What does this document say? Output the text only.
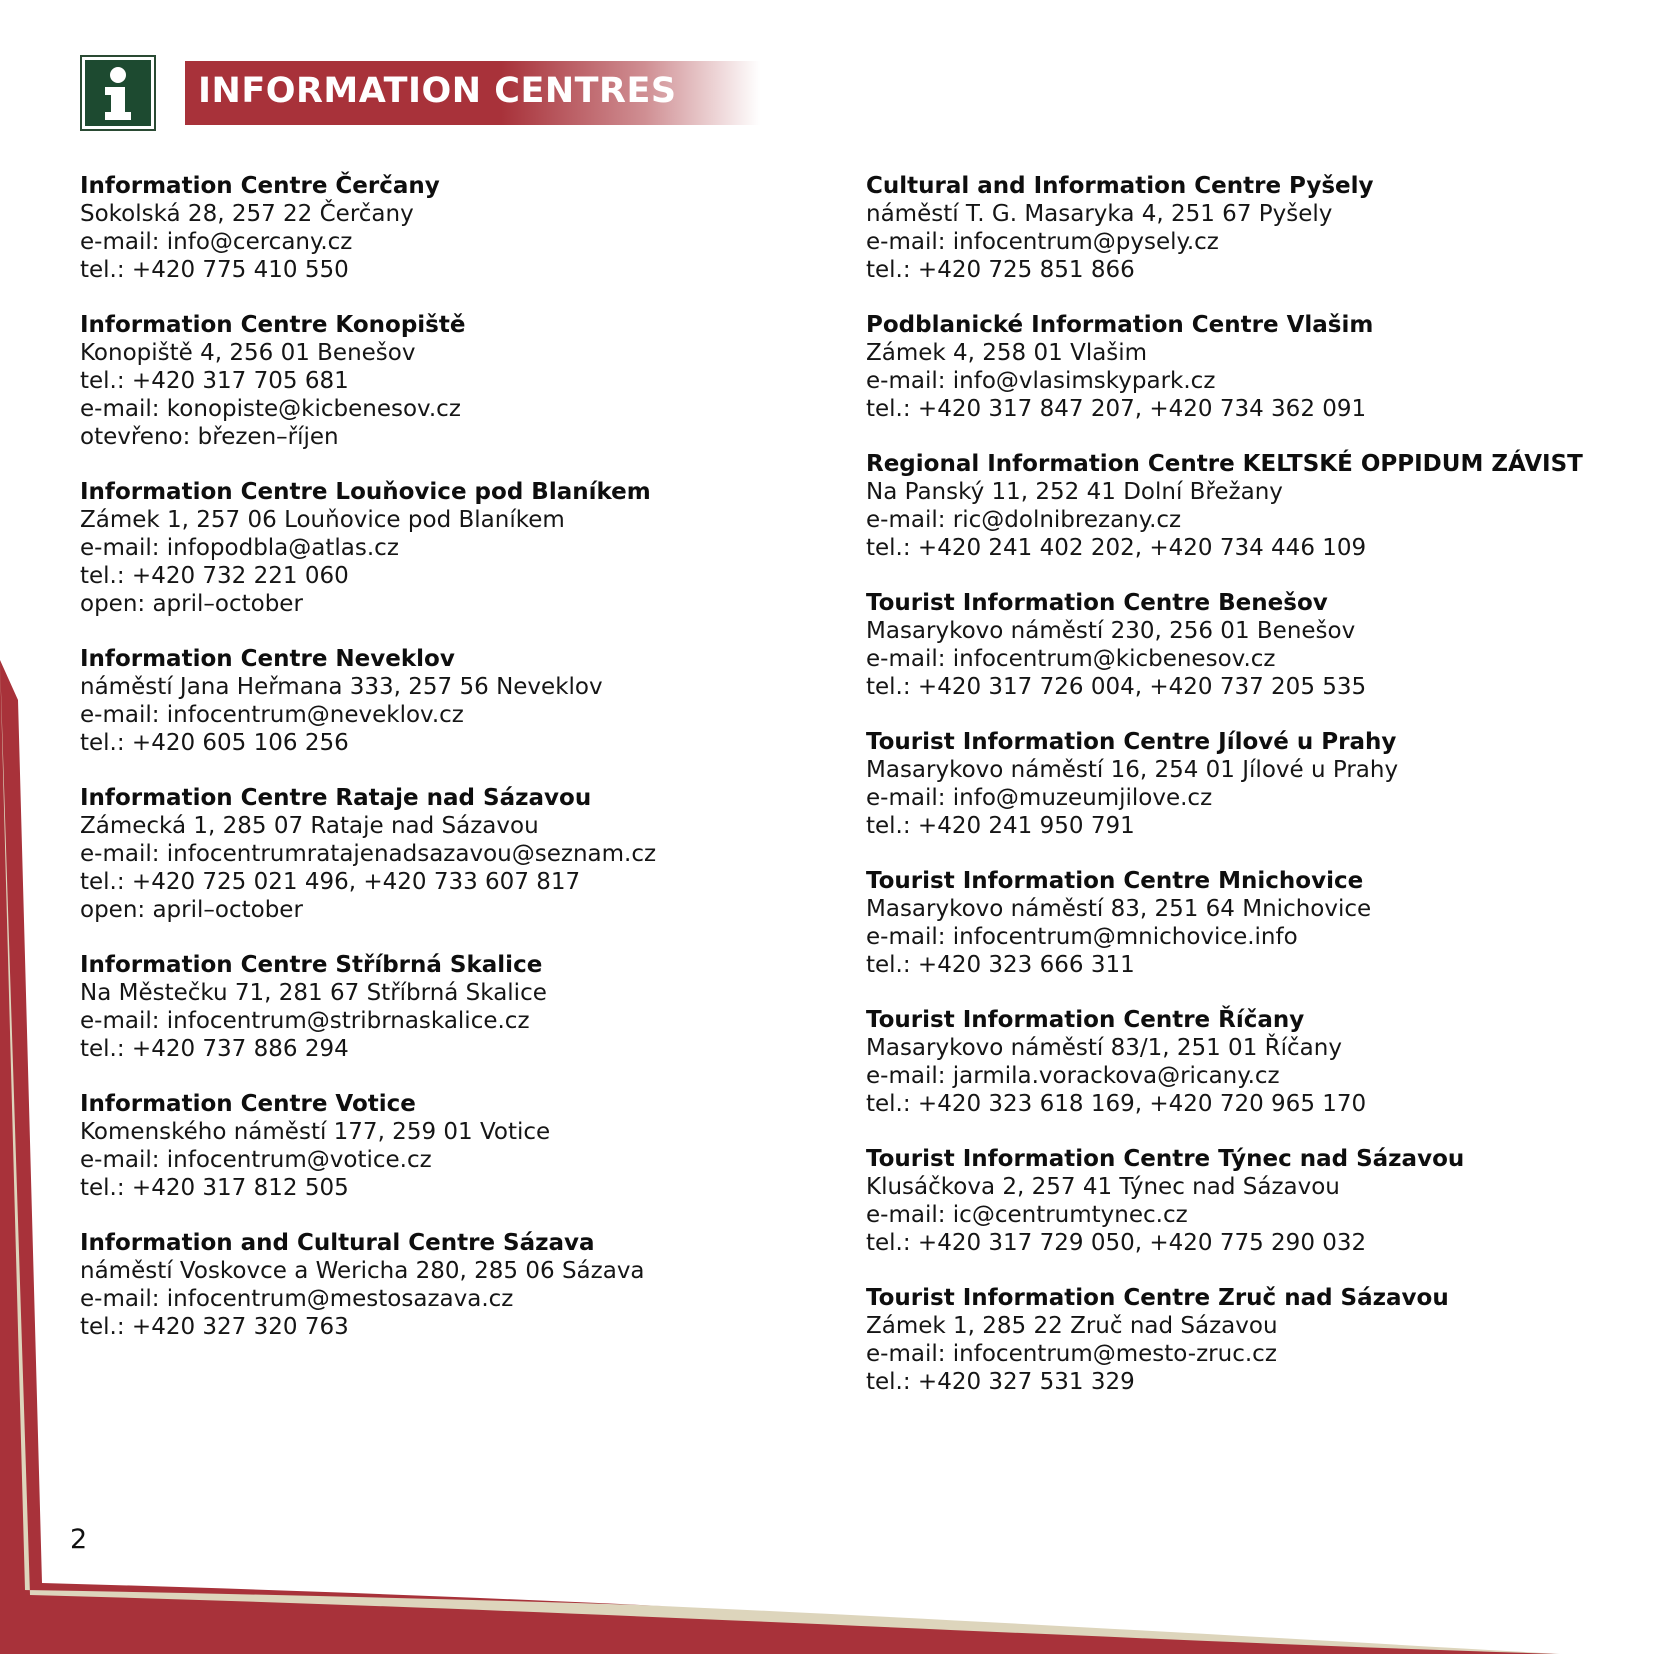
INFORMATION CENTRES
Information Centre Čerčany
Sokolská 28, 257 22 Čerčany
e-mail: info@cercany.cz
tel.: +420 775 410 550
Information Centre Konopiště
Konopiště 4, 256 01 Benešov
tel.: +420 317 705 681
e-mail: konopiste@kicbenesov.cz
otevřeno: březen–říjen
Information Centre Louňovice pod Blaníkem
Zámek 1, 257 06 Louňovice pod Blaníkem
e-mail: infopodbla@atlas.cz
tel.: +420 732 221 060
open: april–october
Information Centre Neveklov
náměstí Jana Heřmana 333, 257 56 Neveklov
e-mail: infocentrum@neveklov.cz
tel.: +420 605 106 256
Information Centre Rataje nad Sázavou
Zámecká 1, 285 07 Rataje nad Sázavou
e-mail: infocentrumratajenadsazavou@seznam.cz
tel.: +420 725 021 496, +420 733 607 817
open: april–october
Information Centre Stříbrná Skalice
Na Městečku 71, 281 67 Stříbrná Skalice
e-mail: infocentrum@stribrnaskalice.cz
tel.: +420 737 886 294
Information Centre Votice
Komenského náměstí 177, 259 01 Votice
e-mail: infocentrum@votice.cz
tel.: +420 317 812 505
Information and Cultural Centre Sázava
náměstí Voskovce a Wericha 280, 285 06 Sázava
e-mail: infocentrum@mestosazava.cz
tel.: +420 327 320 763
Cultural and Information Centre Pyšely
náměstí T. G. Masaryka 4, 251 67 Pyšely
e-mail: infocentrum@pysely.cz
tel.: +420 725 851 866
Podblanické Information Centre Vlašim
Zámek 4, 258 01 Vlašim
e-mail: info@vlasimskypark.cz
tel.: +420 317 847 207, +420 734 362 091
Regional Information Centre KELTSKÉ OPPIDUM ZÁVIST
Na Panský 11, 252 41 Dolní Břežany
e-mail: ric@dolnibrezany.cz
tel.: +420 241 402 202, +420 734 446 109
Tourist Information Centre Benešov
Masarykovo náměstí 230, 256 01 Benešov
e-mail: infocentrum@kicbenesov.cz
tel.: +420 317 726 004, +420 737 205 535
Tourist Information Centre Jílové u Prahy
Masarykovo náměstí 16, 254 01 Jílové u Prahy
e-mail: info@muzeumjilove.cz
tel.: +420 241 950 791
Tourist Information Centre Mnichovice
Masarykovo náměstí 83, 251 64 Mnichovice
e-mail: infocentrum@mnichovice.info
tel.: +420 323 666 311
Tourist Information Centre Říčany
Masarykovo náměstí 83/1, 251 01 Říčany
e-mail: jarmila.vorackova@ricany.cz
tel.: +420 323 618 169, +420 720 965 170
Tourist Information Centre Týnec nad Sázavou
Klusáčkova 2, 257 41 Týnec nad Sázavou
e-mail: ic@centrumtynec.cz
tel.: +420 317 729 050, +420 775 290 032
Tourist Information Centre Zruč nad Sázavou
Zámek 1, 285 22 Zruč nad Sázavou
e-mail: infocentrum@mesto-zruc.cz
tel.: +420 327 531 329
2
